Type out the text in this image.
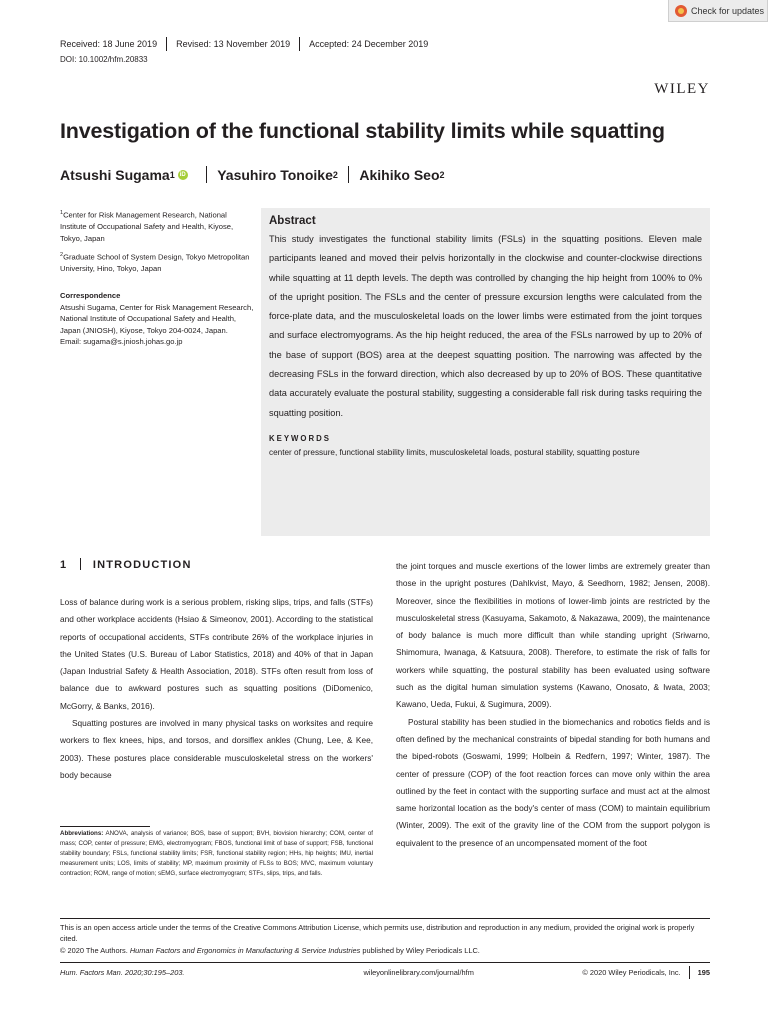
Check for updates
Received: 18 June 2019 Revised: 13 November 2019 Accepted: 24 December 2019
DOI: 10.1002/hfm.20833
WILEY
Investigation of the functional stability limits while squatting
Atsushi Sugama 1 iD Yasuhiro Tonoike 2 Akihiko Seo 2
$^1$Center for Risk Management Research, National Institute of Occupational Safety and Health, Kiyose, Tokyo, Japan
$^2$Graduate School of System Design, Tokyo Metropolitan University, Hino, Tokyo, Japan
Correspondence
Atsushi Sugama, Center for Risk Management Research, National Institute of Occupational Safety and Health, Japan (JNIOSH), Kiyose, Tokyo 204-0024, Japan.
Email: sugama@s.jniosh.johas.go.jp
Abstract
This study investigates the functional stability limits (FSLs) in the squatting positions. Eleven male participants leaned and moved their pelvis horizontally in the clockwise and counter-clockwise directions while squatting at 11 depth levels. The depth was controlled by changing the hip height from 100% to 0% of the upright position. The FSLs and the center of pressure excursion lengths were calculated from the force-plate data, and the musculoskeletal loads on the lower limbs were estimated from the joint torques and surface electromyograms. As the hip height reduced, the area of the FSLs narrowed by up to 20% of the base of support (BOS) area at the deepest squatting position. The narrowing was affected by the decreasing FSLs in the forward direction, which also decreased by up to 20% of BOS. These quantitative data accurately evaluate the postural stability, suggesting a considerable fall risk during tasks requiring the squatting position.
KEYWORDS
center of pressure, functional stability limits, musculoskeletal loads, postural stability, squatting posture
1 INTRODUCTION

Loss of balance during work is a serious problem, risking slips, trips, and falls (STFs) and other workplace accidents (Hsiao & Simeonov, 2001). According to the statistical reports of occupational accidents, STFs contribute 26% of the workplace injuries in the United States (U.S. Bureau of Labor Statistics, 2018) and 40% of that in Japan (Japan Industrial Safety & Health Association, 2018). STFs often result from loss of balance due to awkward postures such as squatting positions (DiDomenico, McGorry, & Banks, 2016).

Squatting postures are involved in many physical tasks on worksites and require workers to flex knees, hips, and torsos, and dorsiflex ankles (Chung, Lee, & Kee, 2003). These postures place considerable musculoskeletal stress on the workers' body because

the joint torques and muscle exertions of the lower limbs are extremely greater than those in the upright postures (Dahlkvist, Mayo, & Seedhorn, 1982; Jensen, 2008). Moreover, since the flexibilities in motions of lower-limb joints are restricted by the musculoskeletal stress (Kasuyama, Sakamoto, & Nakazawa, 2009), the maintenance of body balance is much more difficult than while standing upright (Sriwarno, Shimomura, Iwanaga, & Katsuura, 2008). Therefore, to estimate the risk of falls for workers while squatting, the postural stability has been evaluated using software such as the digital human simulation systems (Kawano, Onosato, & Iwata, 2003; Kawano, Ueda, Fukui, & Sugimura, 2009).

Postural stability has been studied in the biomechanics and robotics fields and is often defined by the mechanical constraints of bipedal standing for both humans and the biped-robots (Goswami, 1999; Holbein & Redfern, 1997; Winter, 1987). The center of pressure (COP) of the foot reaction forces can move only within the area outlined by the feet in contact with the supporting surface and must act at the almost same horizontal location as the body's center of mass (COM) to maintain equilibrium (Winter, 2009). The exit of the gravity line of the COM from the support polygon is equivalent to the presence of an uncompensated moment of the foot

Abbreviations: ANOVA, analysis of variance; BOS, base of support; BVH, biovision hierarchy; COM, center of mass; COP, center of pressure; EMG, electromyogram; FBOS, functional limit of base of support; FSB, functional stability boundary; FSLs, functional stability limits; FSR, functional stability region; HHs, hip heights; IMU, inertial measurement units; LOS, limits of stability; MP, maximum proximity of FLSs to BOS; MVC, maximum voluntary contraction; ROM, range of motion; sEMG, surface electromyogram; STFs, slips, trips, and falls.
This is an open access article under the terms of the Creative Commons Attribution License, which permits use, distribution and reproduction in any medium, provided the original work is properly cited.
© 2020 The Authors. Human Factors and Ergonomics in Manufacturing & Service Industries published by Wiley Periodicals LLC.
Hum. Factors Man. 2020;30:195–203.	wileyonlinelibrary.com/journal/hfm	© 2020 Wiley Periodicals, Inc. 195
